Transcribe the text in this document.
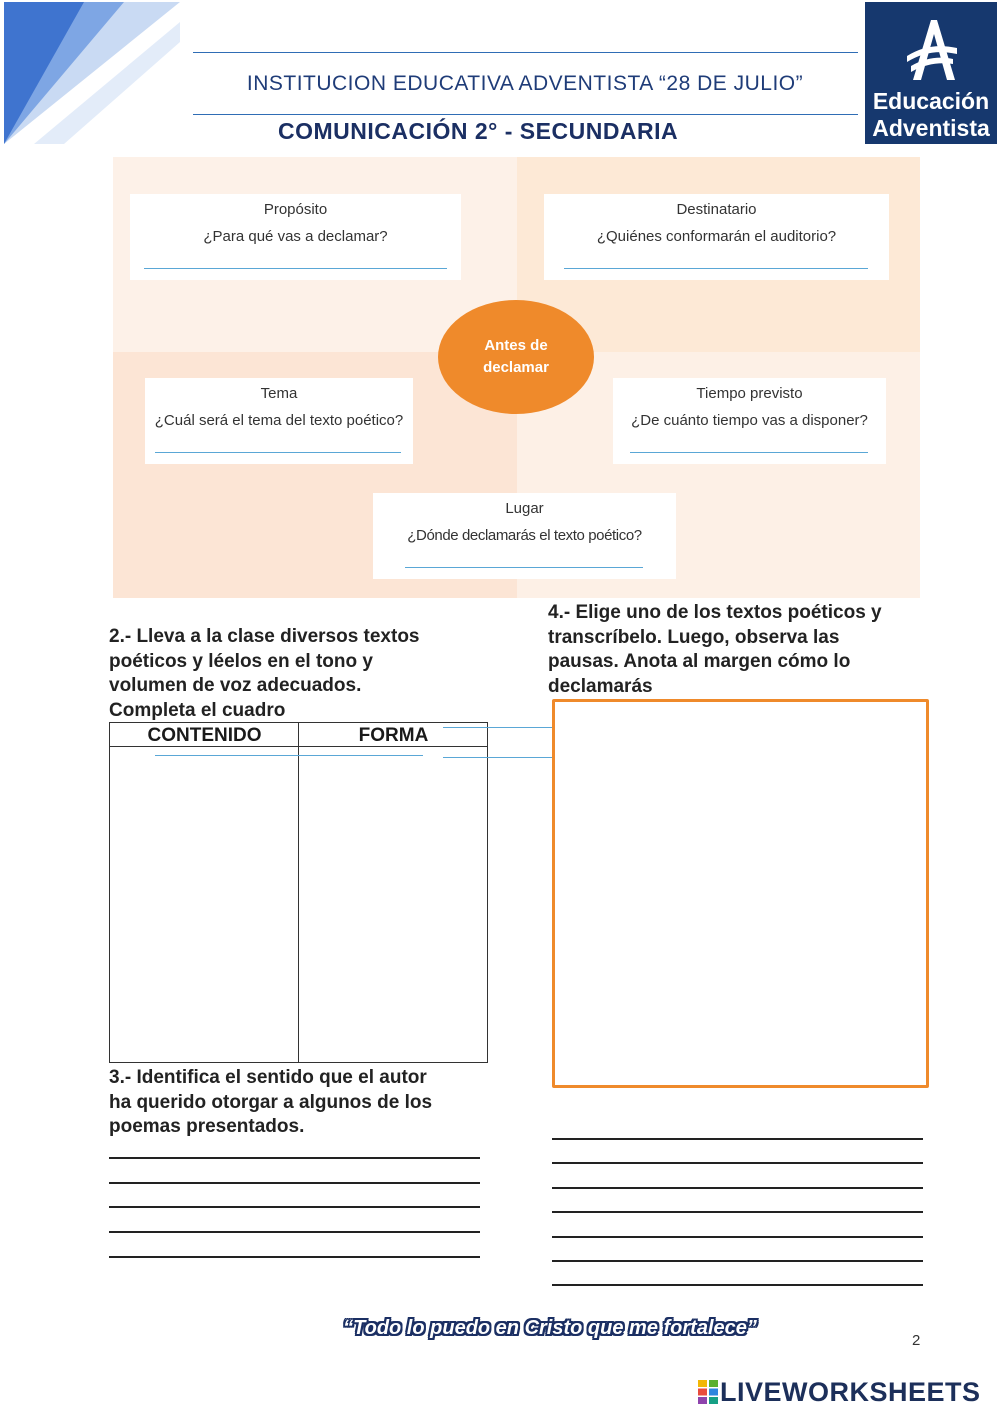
INSTITUCION EDUCATIVA ADVENTISTA “28 DE JULIO”
COMUNICACIÓN 2° - SECUNDARIA
Educación
Adventista
Propósito
¿Para qué vas a declamar?
Destinatario
¿Quiénes conformarán el auditorio?
Antes de
declamar
Tema
¿Cuál será el tema del texto poético?
Tiempo previsto
¿De cuánto tiempo vas a disponer?
Lugar
¿Dónde declamarás el texto poético?
2.- Lleva a la clase diversos textos
poéticos y léelos en el tono y
volumen de voz adecuados.
Completa el cuadro
CONTENIDO	FORMA
3.- Identifica el sentido que el autor
ha querido otorgar a algunos de los
poemas presentados.
4.- Elige uno de los textos poéticos y
transcríbelo. Luego, observa las
pausas. Anota al margen cómo lo
declamarás
“Todo lo puedo en Cristo que me fortalece”
2
LIVEWORKSHEETS
